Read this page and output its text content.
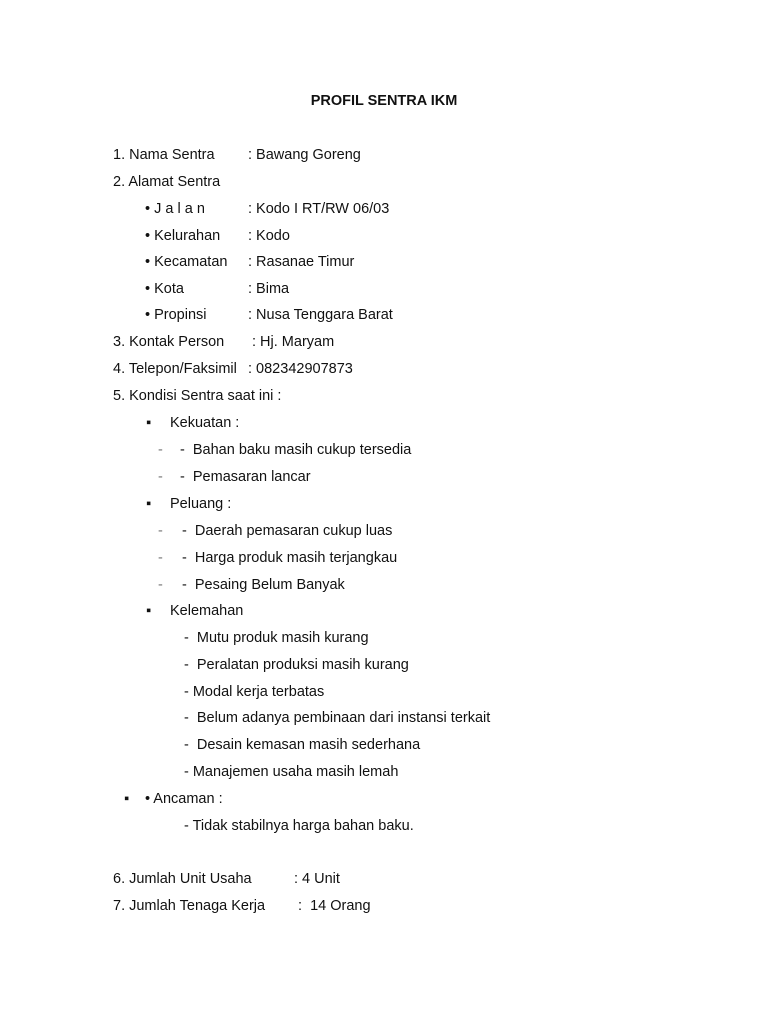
PROFIL SENTRA IKM
1. Nama Sentra : Bawang Goreng
2. Alamat Sentra
• J a l a n	: Kodo I RT/RW 06/03
• Kelurahan : Kodo
• Kecamatan : Rasanae Timur
• Kota	: Bima
• Propinsi	: Nusa Tenggara Barat
3. Kontak Person : Hj. Maryam
4. Telepon/Faksimil : 082342907873
5. Kondisi Sentra saat ini :
▪ Kekuatan :
- -  Bahan baku masih cukup tersedia
- -  Pemasaran lancar
▪ Peluang :
- -  Daerah pemasaran cukup luas
- -  Harga produk masih terjangkau
- -  Pesaing Belum Banyak
▪ Kelemahan
-  Mutu produk masih kurang
-  Peralatan produksi masih kurang
- Modal kerja terbatas
-  Belum adanya pembinaan dari instansi terkait
-  Desain kemasan masih sederhana
- Manajemen usaha masih lemah
▪ • Ancaman :
- Tidak stabilnya harga bahan baku.
6. Jumlah Unit Usaha	: 4 Unit
7. Jumlah Tenaga Kerja :  14 Orang
